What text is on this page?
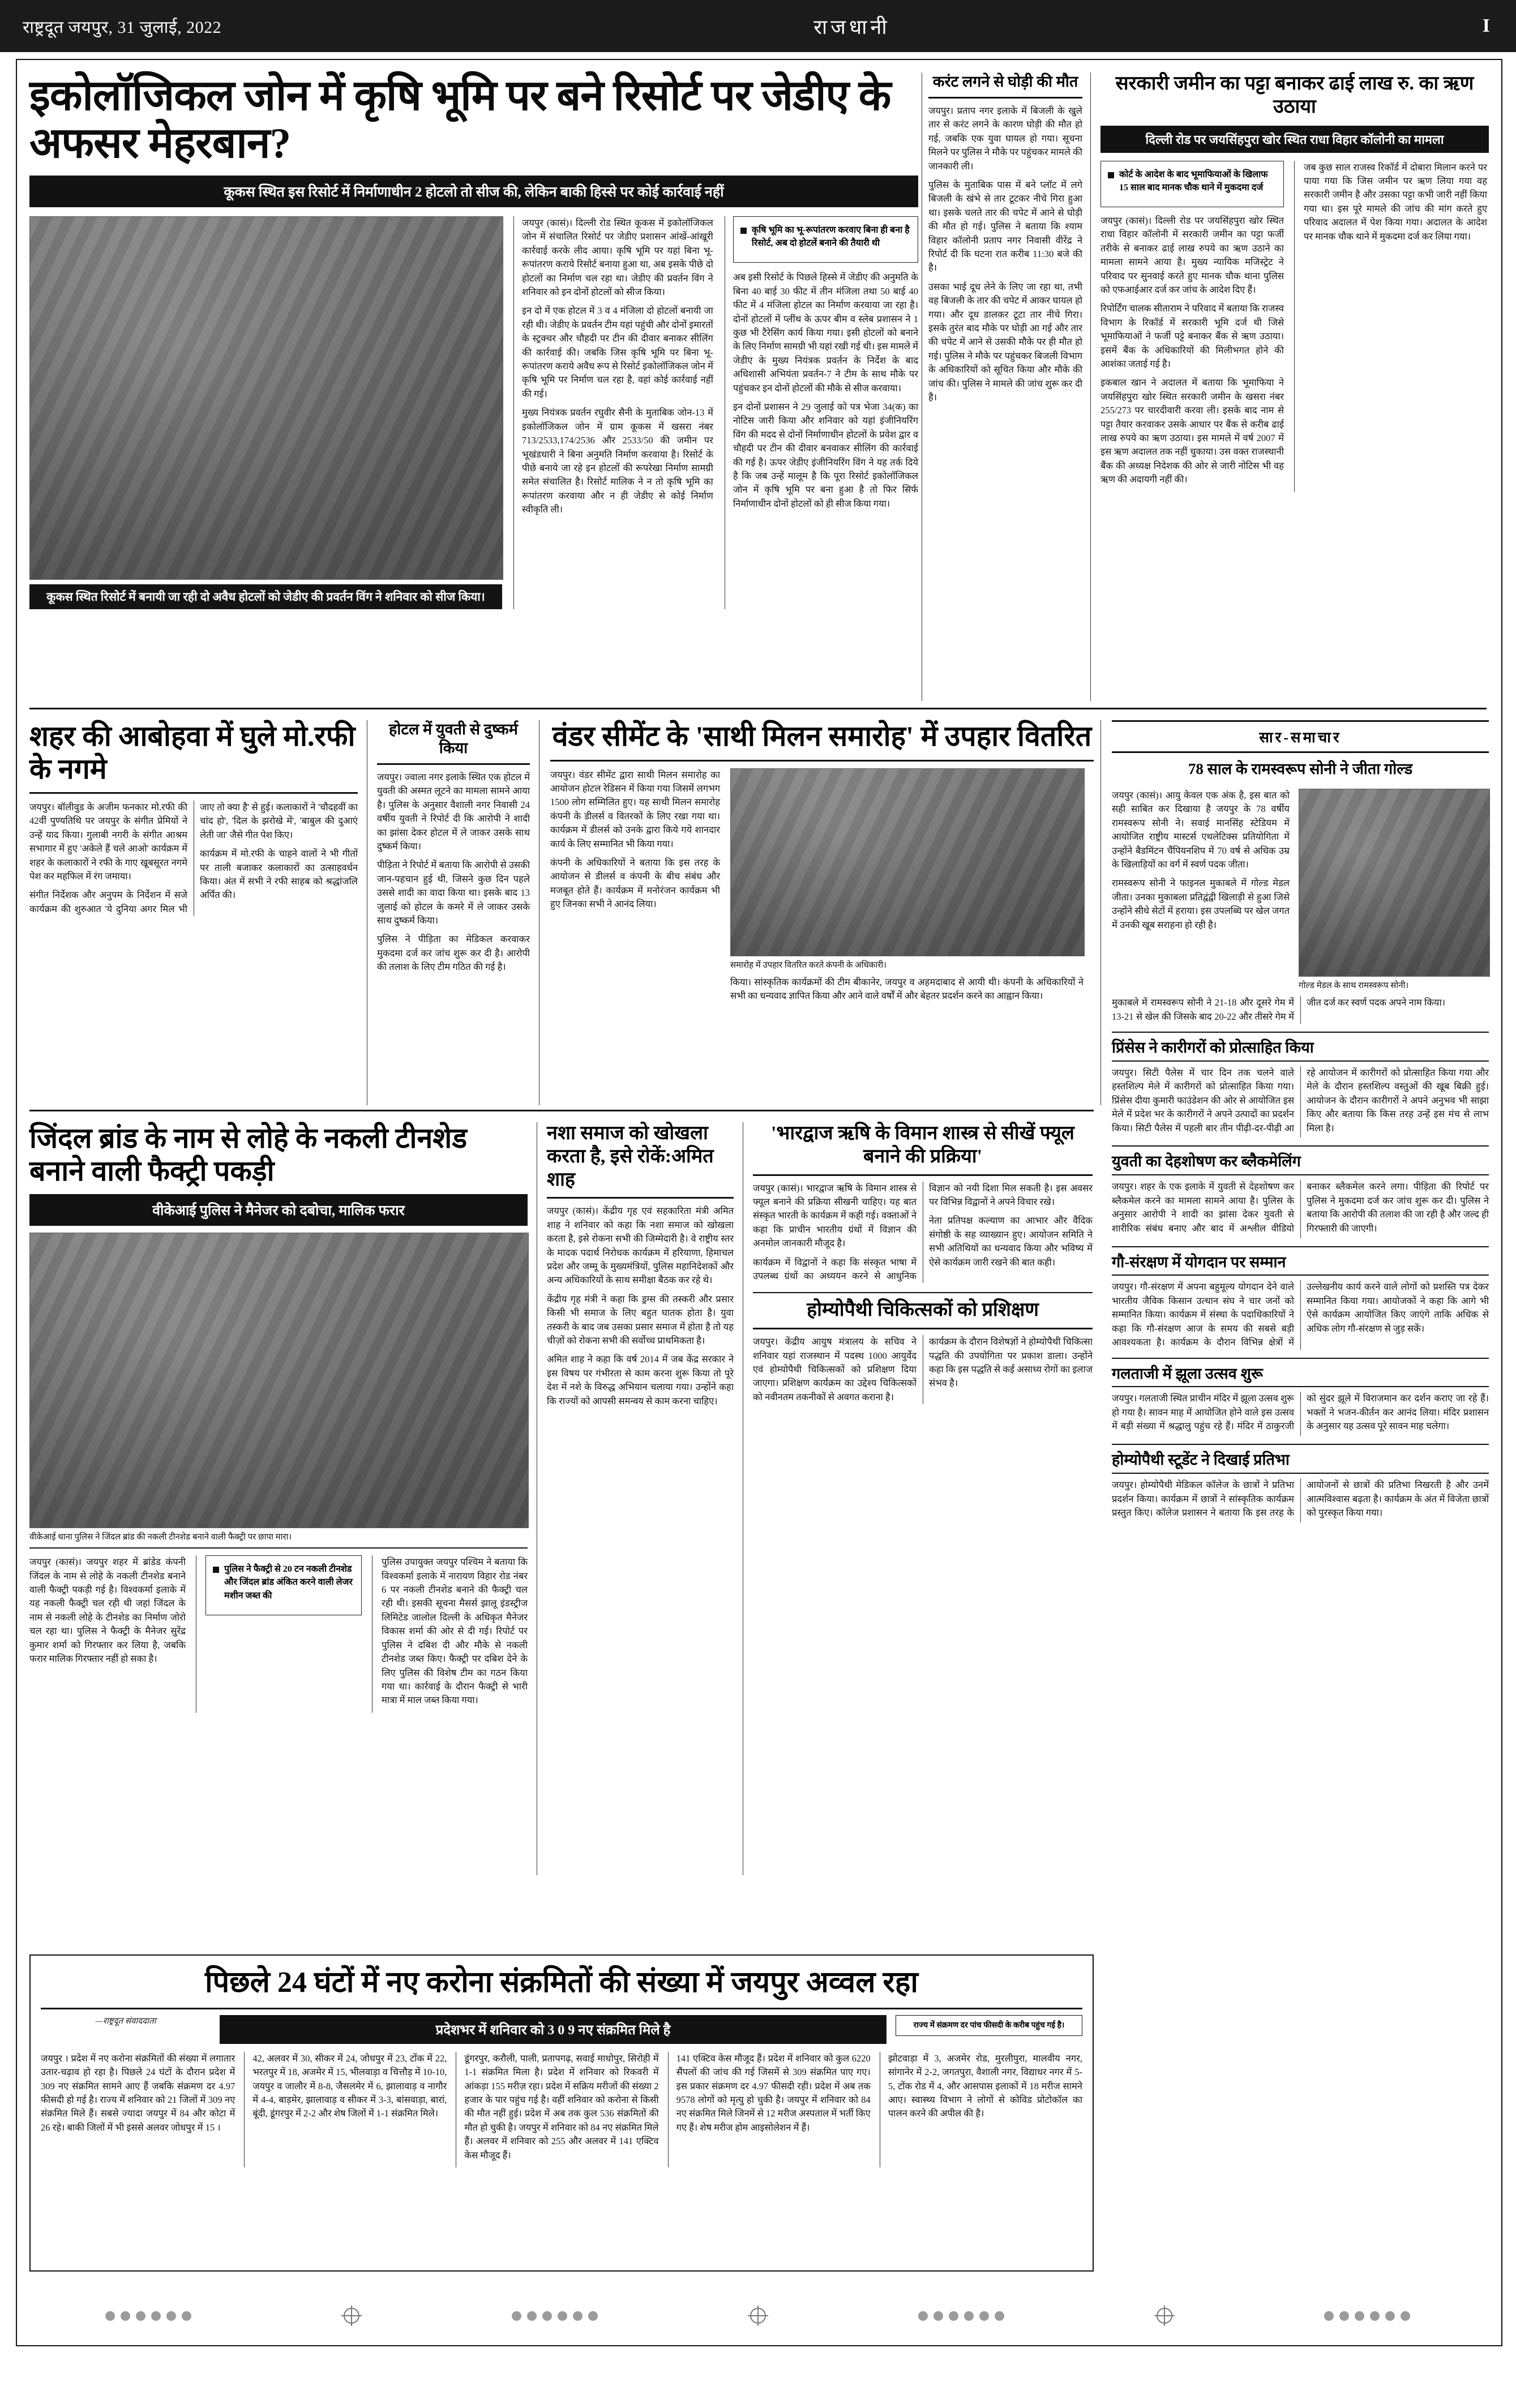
राष्ट्रदूत जयपुर, 31 जुलाई, 2022	राजधानी	I
इकोलॉजिकल जोन में कृषि भूमि पर बने रिसोर्ट पर जेडीए के अफसर मेहरबान?
कूकस स्थित इस रिसोर्ट में निर्माणाधीन 2 होटलो तो सीज की, लेकिन बाकी हिस्से पर कोई कार्रवाई नहीं
कूकस स्थित रिसोर्ट में बनायी जा रही दो अवैध होटलों को जेडीए की प्रवर्तन विंग ने शनिवार को सीज किया।

जयपुर (कासं)। दिल्ली रोड स्थित कूकस में इकोलॉजिकल जोन में संचालित रिसोर्ट पर जेडीए प्रशासन आंखें-आंखूरी कार्रवाई करके लीद आया। कृषि भूमि पर यहां बिना भू-रूपांतरण कराये रिसोर्ट बनाया हुआ था, अब इसके पीछे दो होटलों का निर्माण चल रहा था। जेडीए की प्रवर्तन विंग ने शनिवार को इन दोनों होटलों को सीज किया।

इन दो में एक होटल में 3 व 4 मंजिला दो होटलों बनायी जा रही थी। जेडीए के प्रवर्तन टीम यहां पहुंची और दोनों इमारतों के स्ट्रक्चर और चौहदी पर टीन की दीवार बनाकर सीलिंग की कार्रवाई की। जबकि जिस कृषि भूमि पर बिना भू-रूपांतरण कराये अवैध रूप से रिसोर्ट इकोलॉजिकल जोन में कृषि भूमि पर निर्माण चल रहा है, वहां कोई कार्रवाई नहीं की गई।

मुख्य नियंत्रक प्रवर्तन रघुवीर सैनी के मुताबिक जोन-13 में इकोलॉजिकल जोन में ग्राम कूकस में खसरा नंबर 713/2533,174/2536 और 2533/50 की जमीन पर भूखंडधारी ने बिना अनुमति निर्माण करवाया है। रिसोर्ट के पीछे बनाये जा रहे इन होटलों की रूपरेखा निर्माण सामग्री समेत संचालित है। रिसोर्ट मालिक ने न तो कृषि भूमि का रूपांतरण करवाया और न ही जेडीए से कोई निर्माण स्वीकृति ली।

कृषि भूमि का भू-रूपांतरण करवाए बिना ही बना है रिसोर्ट, अब दो होटलें बनाने की तैयारी थी

अब इसी रिसोर्ट के पिछले हिस्से में जेडीए की अनुमति के बिना 40 बाई 30 फीट में तीन मंजिला तथा 50 बाई 40 फीट में 4 मंजिला होटल का निर्माण करवाया जा रहा है। दोनों होटलों में प्लींथ के ऊपर बीम व स्लेब प्रशासन ने 1 कुछ भी टैरेसिंग कार्य किया गया। इसी होटलों को बनाने के लिए निर्माण सामग्री भी यहां रखी गई थी। इस मामले में जेडीए के मुख्य नियंत्रक प्रवर्तन के निर्देश के बाद अधिशासी अभियंता प्रवर्तन-7 ने टीम के साथ मौके पर पहुंचकर इन दोनों होटलों की मौके से सीज करवाया।

इन दोनों प्रशासन ने 29 जुलाई को पत्र भेजा 34(क) का नोटिस जारी किया और शनिवार को यहां इंजीनियरिंग विंग की मदद से दोनों निर्माणाधीन होटलों के प्रवेश द्वार व चौहदी पर टीन की दीवार बनवाकर सीलिंग की कार्रवाई की गई है। ऊपर जेडीए इंजीनियरिंग विंग ने यह तर्क दिये है कि जब उन्हें मालूम है कि पूरा रिसोर्ट इकोलॉजिकल जोन में कृषि भूमि पर बना हुआ है तो फिर सिर्फ निर्माणाधीन दोनों होटलों को ही सीज किया गया।

करंट लगने से घोड़ी की मौत

जयपुर। प्रताप नगर इलाके में बिजली के खुले तार से करंट लगने के कारण घोड़ी की मौत हो गई, जबकि एक युवा घायल हो गया। सूचना मिलने पर पुलिस ने मौके पर पहुंचकर मामले की जानकारी ली।

पुलिस के मुताबिक पास में बने प्लॉट में लगे बिजली के खंभे से तार टूटकर नीचे गिरा हुआ था। इसके चलते तार की चपेट में आने से घोड़ी की मौत हो गई। पुलिस ने बताया कि श्याम विहार कॉलोनी प्रताप नगर निवासी वीरेंद्र ने रिपोर्ट दी कि घटना रात करीब 11:30 बजे की है।

उसका भाई दूध लेने के लिए जा रहा था, तभी वह बिजली के तार की चपेट में आकर घायल हो गया। और दूध डालकर टूटा तार नीचे गिरा। इसके तुरंत बाद मौके पर घोड़ी आ गई और तार की चपेट में आने से उसकी मौके पर ही मौत हो गई। पुलिस ने मौके पर पहुंचकर बिजली विभाग के अधिकारियों को सूचित किया और मौके की जांच की। पुलिस ने मामले की जांच शुरू कर दी है।

सरकारी जमीन का पट्टा बनाकर ढाई लाख रु. का ऋण उठाया
दिल्ली रोड पर जयसिंहपुरा खोर स्थित राधा विहार कॉलोनी का मामला
कोर्ट के आदेश के बाद भूमाफियाओं के खिलाफ 15 साल बाद मानक चौक थाने में मुकदमा दर्ज

जयपुर (कासं)। दिल्ली रोड पर जयसिंहपुरा खोर स्थित राधा विहार कॉलोनी में सरकारी जमीन का पट्टा फर्जी तरीके से बनाकर ढाई लाख रुपये का ऋण उठाने का मामला सामने आया है। मुख्य न्यायिक मजिस्ट्रेट ने परिवाद पर सुनवाई करते हुए मानक चौक थाना पुलिस को एफआईआर दर्ज कर जांच के आदेश दिए हैं।

रिपोर्टिंग चालक सीताराम ने परिवाद में बताया कि राजस्व विभाग के रिकॉर्ड में सरकारी भूमि दर्ज थी जिसे भूमाफियाओं ने फर्जी पट्टे बनाकर बैंक से ऋण उठाया। इसमें बैंक के अधिकारियों की मिलीभगत होने की आशंका जताई गई है।

इकबाल खान ने अदालत में बताया कि भूमाफिया ने जयसिंहपुरा खोर स्थित सरकारी जमीन के खसरा नंबर 255/273 पर चारदीवारी करवा ली। इसके बाद नाम से पट्टा तैयार करवाकर उसके आधार पर बैंक से करीब ढाई लाख रुपये का ऋण उठाया। इस मामले में वर्ष 2007 में इस ऋण अदालत तक नहीं चुकाया। उस वक्त राजस्थानी बैंक की अध्यक्ष निदेशक की ओर से जारी नोटिस भी वह ऋण की अदायगी नहीं की।

जब कुछ साल राजस्व रिकॉर्ड में दोबारा मिलान करने पर पाया गया कि जिस जमीन पर ऋण लिया गया वह सरकारी जमीन है और उसका पट्टा कभी जारी नहीं किया गया था। इस पूरे मामले की जांच की मांग करते हुए परिवाद अदालत में पेश किया गया। अदालत के आदेश पर मानक चौक थाने में मुकदमा दर्ज कर लिया गया।

शहर की आबोहवा में घुले मो.रफी के नगमे

जयपुर। बॉलीवुड के अजीम फनकार मो.रफी की 42वीं पुण्यतिथि पर जयपुर के संगीत प्रेमियों ने उन्हें याद किया। गुलाबी नगरी के संगीत आश्रम सभागार में हुए 'अकेले हैं चले आओ' कार्यक्रम में शहर के कलाकारों ने रफी के गाए खूबसूरत नगमे पेश कर महफिल में रंग जमाया।

संगीत निर्देशक और अनुपम के निर्देशन में सजे कार्यक्रम की शुरुआत 'ये दुनिया अगर मिल भी जाए तो क्या है' से हुई। कलाकारों ने 'चौदहवीं का चांद हो', 'दिल के झरोखे में', 'बाबुल की दुआएं लेती जा' जैसे गीत पेश किए।

कार्यक्रम में मो.रफी के चाहने वालों ने भी गीतों पर ताली बजाकर कलाकारों का उत्साहवर्धन किया। अंत में सभी ने रफी साहब को श्रद्धांजलि अर्पित की।

होटल में युवती से दुष्कर्म किया

जयपुर। ज्वाला नगर इलाके स्थित एक होटल में युवती की अस्मत लूटने का मामला सामने आया है। पुलिस के अनुसार वैशाली नगर निवासी 24 वर्षीय युवती ने रिपोर्ट दी कि आरोपी ने शादी का झांसा देकर होटल में ले जाकर उसके साथ दुष्कर्म किया।

पीड़िता ने रिपोर्ट में बताया कि आरोपी से उसकी जान-पहचान हुई थी, जिसने कुछ दिन पहले उससे शादी का वादा किया था। इसके बाद 13 जुलाई को होटल के कमरे में ले जाकर उसके साथ दुष्कर्म किया।

पुलिस ने पीड़िता का मेडिकल करवाकर मुकदमा दर्ज कर जांच शुरू कर दी है। आरोपी की तलाश के लिए टीम गठित की गई है।

वंडर सीमेंट के 'साथी मिलन समारोह' में उपहार वितरित

जयपुर। वंडर सीमेंट द्वारा साथी मिलन समारोह का आयोजन होटल रेडिसन में किया गया जिसमें लगभग 1500 लोग सम्मिलित हुए। यह साथी मिलन समारोह कंपनी के डीलर्स व वितरकों के लिए रखा गया था। कार्यक्रम में डीलर्स को उनके द्वारा किये गये शानदार कार्य के लिए सम्मानित भी किया गया।

कंपनी के अधिकारियों ने बताया कि इस तरह के आयोजन से डीलर्स व कंपनी के बीच संबंध और मजबूत होते हैं। कार्यक्रम में मनोरंजन कार्यक्रम भी हुए जिनका सभी ने आनंद लिया।

समारोह में उपहार वितरित करते कंपनी के अधिकारी।

किया। सांस्कृतिक कार्यक्रमों की टीम बीकानेर, जयपुर व अहमदाबाद से आयी थी। कंपनी के अधिकारियों ने सभी का धन्यवाद ज्ञापित किया और आने वाले वर्षों में और बेहतर प्रदर्शन करने का आह्वान किया।

सार-समाचार
78 साल के रामस्वरूप सोनी ने जीता गोल्ड

जयपुर (कासं)। आयु केवल एक अंक है, इस बात को सही साबित कर दिखाया है जयपुर के 78 वर्षीय रामस्वरूप सोनी ने। सवाई मानसिंह स्टेडियम में आयोजित राष्ट्रीय मास्टर्स एथलेटिक्स प्रतियोगिता में उन्होंने बैडमिंटन चैंपियनशिप में 70 वर्ष से अधिक उम्र के खिलाड़ियों का वर्ग में स्वर्ण पदक जीता।

रामस्वरूप सोनी ने फाइनल मुकाबले में गोल्ड मेडल जीता। उनका मुकाबला प्रतिद्वंद्वी खिलाड़ी से हुआ जिसे उन्होंने सीधे सेटों में हराया। इस उपलब्धि पर खेल जगत में उनकी खूब सराहना हो रही है।

गोल्ड मेडल के साथ रामस्वरूप सोनी।

मुकाबले में रामस्वरूप सोनी ने 21-18 और दूसरे गेम में 13-21 से खेल की जिसके बाद 20-22 और तीसरे गेम में जीत दर्ज कर स्वर्ण पदक अपने नाम किया।

प्रिंसेस ने कारीगरों को प्रोत्साहित किया

जयपुर। सिटी पैलेस में चार दिन तक चलने वाले हस्तशिल्प मेले में कारीगरों को प्रोत्साहित किया गया। प्रिंसेस दीया कुमारी फाउंडेशन की ओर से आयोजित इस मेले में प्रदेश भर के कारीगरों ने अपने उत्पादों का प्रदर्शन किया। सिटी पैलेस में पहली बार तीन पीढ़ी-दर-पीढ़ी आ रहे आयोजन में कारीगरों को प्रोत्साहित किया गया और मेले के दौरान हस्तशिल्प वस्तुओं की खूब बिक्री हुई। आयोजन के दौरान कारीगरों ने अपने अनुभव भी साझा किए और बताया कि किस तरह उन्हें इस मंच से लाभ मिला है।

युवती का देहशोषण कर ब्लैकमेलिंग

जयपुर। शहर के एक इलाके में युवती से देहशोषण कर ब्लैकमेल करने का मामला सामने आया है। पुलिस के अनुसार आरोपी ने शादी का झांसा देकर युवती से शारीरिक संबंध बनाए और बाद में अश्लील वीडियो बनाकर ब्लैकमेल करने लगा। पीड़िता की रिपोर्ट पर पुलिस ने मुकदमा दर्ज कर जांच शुरू कर दी। पुलिस ने बताया कि आरोपी की तलाश की जा रही है और जल्द ही गिरफ्तारी की जाएगी।

गौ-संरक्षण में योगदान पर सम्मान

जयपुर। गौ-संरक्षण में अपना बहुमूल्य योगदान देने वाले भारतीय जैविक किसान उत्थान संघ ने चार जनों को सम्मानित किया। कार्यक्रम में संस्था के पदाधिकारियों ने कहा कि गौ-संरक्षण आज के समय की सबसे बड़ी आवश्यकता है। कार्यक्रम के दौरान विभिन्न क्षेत्रों में उल्लेखनीय कार्य करने वाले लोगों को प्रशस्ति पत्र देकर सम्मानित किया गया। आयोजकों ने कहा कि आगे भी ऐसे कार्यक्रम आयोजित किए जाएंगे ताकि अधिक से अधिक लोग गौ-संरक्षण से जुड़ सकें।

गलताजी में झूला उत्सव शुरू

जयपुर। गलताजी स्थित प्राचीन मंदिर में झूला उत्सव शुरू हो गया है। सावन माह में आयोजित होने वाले इस उत्सव में बड़ी संख्या में श्रद्धालु पहुंच रहे हैं। मंदिर में ठाकुरजी को सुंदर झूले में विराजमान कर दर्शन कराए जा रहे हैं। भक्तों ने भजन-कीर्तन कर आनंद लिया। मंदिर प्रशासन के अनुसार यह उत्सव पूरे सावन माह चलेगा।

होम्योपैथी स्टूडेंट ने दिखाई प्रतिभा

जयपुर। होम्योपैथी मेडिकल कॉलेज के छात्रों ने प्रतिभा प्रदर्शन किया। कार्यक्रम में छात्रों ने सांस्कृतिक कार्यक्रम प्रस्तुत किए। कॉलेज प्रशासन ने बताया कि इस तरह के आयोजनों से छात्रों की प्रतिभा निखरती है और उनमें आत्मविश्वास बढ़ता है। कार्यक्रम के अंत में विजेता छात्रों को पुरस्कृत किया गया।

जिंदल ब्रांड के नाम से लोहे के नकली टीनशेड बनाने वाली फैक्ट्री पकड़ी
वीकेआई पुलिस ने मैनेजर को दबोचा, मालिक फरार
वीकेआई थाना पुलिस ने जिंदल ब्रांड की नकली टीनशेड बनाने वाली फैक्ट्री पर छापा मारा।

जयपुर (कासं)। जयपुर शहर में ब्रांडेड कंपनी जिंदल के नाम से लोहे के नकली टीनशेड बनाने वाली फैक्ट्री पकड़ी गई है। विश्वकर्मा इलाके में यह नकली फैक्ट्री चल रही थी जहां जिंदल के नाम से नकली लोहे के टीनशेड का निर्माण जोरो चल रहा था। पुलिस ने फैक्ट्री के मैनेजर सुरेंद्र कुमार शर्मा को गिरफ्तार कर लिया है, जबकि फरार मालिक गिरफ्तार नहीं हो सका है।

पुलिस ने फैक्ट्री से 20 टन नकली टीनशेड और जिंदल ब्रांड अंकित करने वाली लेजर मशीन जब्त की

पुलिस उपायुक्त जयपुर पश्चिम ने बताया कि विश्वकर्मा इलाके में नारायण विहार रोड नंबर 6 पर नकली टीनशेड बनाने की फैक्ट्री चल रही थी। इसकी सूचना मैसर्स झालू इंडस्ट्रीज लिमिटेड जालोल दिल्ली के अधिकृत मैनेजर विकास शर्मा की ओर से दी गई। रिपोर्ट पर पुलिस ने दबिश दी और मौके से नकली टीनशेड जब्त किए। फैक्ट्री पर दबिश देने के लिए पुलिस की विशेष टीम का गठन किया गया था। कार्रवाई के दौरान फैक्ट्री से भारी मात्रा में माल जब्त किया गया।

नशा समाज को खोखला करता है, इसे रोकें:अमित शाह

जयपुर (कासं)। केंद्रीय गृह एवं सहकारिता मंत्री अमित शाह ने शनिवार को कहा कि नशा समाज को खोखला करता है, इसे रोकना सभी की जिम्मेदारी है। वे राष्ट्रीय स्तर के मादक पदार्थ निरोधक कार्यक्रम में हरियाणा, हिमाचल प्रदेश और जम्मू के मुख्यमंत्रियों, पुलिस महानिदेशकों और अन्य अधिकारियों के साथ समीक्षा बैठक कर रहे थे।

केंद्रीय गृह मंत्री ने कहा कि ड्रग्स की तस्करी और प्रसार किसी भी समाज के लिए बहुत घातक होता है। युवा तस्करी के बाद जब उसका प्रसार समाज में होता है तो यह चीज़ों को रोकना सभी की सर्वोच्च प्राथमिकता है।

अमित शाह ने कहा कि वर्ष 2014 में जब केंद्र सरकार ने इस विषय पर गंभीरता से काम करना शुरू किया तो पूरे देश में नशे के विरुद्ध अभियान चलाया गया। उन्होंने कहा कि राज्यों को आपसी समन्वय से काम करना चाहिए।

'भारद्वाज ऋषि के विमान शास्त्र से सीखें फ्यूल बनाने की प्रक्रिया'

जयपुर (कासं)। भारद्वाज ऋषि के विमान शास्त्र से फ्यूल बनाने की प्रक्रिया सीखनी चाहिए। यह बात संस्कृत भारती के कार्यक्रम में कही गई। वक्ताओं ने कहा कि प्राचीन भारतीय ग्रंथों में विज्ञान की अनमोल जानकारी मौजूद है।

कार्यक्रम में विद्वानों ने कहा कि संस्कृत भाषा में उपलब्ध ग्रंथों का अध्ययन करने से आधुनिक विज्ञान को नयी दिशा मिल सकती है। इस अवसर पर विभिन्न विद्वानों ने अपने विचार रखे।

नेता प्रतिपक्ष कल्याण का आभार और वैदिक संगोष्ठी के सह व्याख्यान हुए। आयोजन समिति ने सभी अतिथियों का धन्यवाद किया और भविष्य में ऐसे कार्यक्रम जारी रखने की बात कही।

होम्योपैथी चिकित्सकों को प्रशिक्षण

जयपुर। केंद्रीय आयुष मंत्रालय के सचिव ने शनिवार यहां राजस्थान में पदस्थ 1000 आयुर्वेद एवं होम्योपैथी चिकित्सकों को प्रशिक्षण दिया जाएगा। प्रशिक्षण कार्यक्रम का उद्देश्य चिकित्सकों को नवीनतम तकनीकों से अवगत कराना है।

कार्यक्रम के दौरान विशेषज्ञों ने होम्योपैथी चिकित्सा पद्धति की उपयोगिता पर प्रकाश डाला। उन्होंने कहा कि इस पद्धति से कई असाध्य रोगों का इलाज संभव है।

पिछले 24 घंटों में नए करोना संक्रमितों की संख्या में जयपुर अव्वल रहा
—राष्ट्रदूत संवाददाता
प्रदेशभर में शनिवार को 3 0 9 नए संक्रमित मिले है	राज्य में संक्रमण दर पांच फीसदी के करीब पहुंच गई है।

जयपुर । प्रदेश में नए करोना संक्रमितों की संख्या में लगातार उतार-चढ़ाव हो रहा है। पिछले 24 घंटों के दौरान प्रदेश में 309 नए संक्रमित सामने आए हैं जबकि संक्रमण दर 4.97 फीसदी हो गई है। राज्य में शनिवार को 21 जिलों में 309 नए संक्रमित मिले हैं। सबसे ज्यादा जयपुर में 84 और कोटा में 26 रहे। बाकी जिलों में भी इससे अलवर जोधपुर में 15 ।

42, अलवर में 30, सीकर में 24, जोधपुर में 23, टोंक में 22, भरतपुर में 18, अजमेर में 15, भीलवाड़ा व चित्तौड़ में 10-10, जयपुर व जालौर में 8-8, जैसलमेर में 6, झालावाड़ व नागौर में 4-4, बाड़मेर, झालावाड़ व सीकर में 3-3, बांसवाड़ा, बारां, बूंदी, डूंगरपुर में 2-2 और शेष जिलों में 1-1 संक्रमित मिले।

डूंगरपुर, करौली, पाली, प्रतापगढ़, सवाई माधोपुर, सिरोही में 1-1 संक्रमित मिला है। प्रदेश में शनिवार को रिकवरी में आंकड़ा 155 मरीज़ रहा। प्रदेश में सक्रिय मरीजों की संख्या 2 हजार के पार पहुंच गई है। वहीं शनिवार को करोना से किसी की मौत नहीं हुई। प्रदेश में अब तक कुल 536 संक्रमितों की मौत हो चुकी है। जयपुर में शनिवार को 84 नए संक्रमित मिले हैं। अलवर में शनिवार को 255 और अलवर में 141 एक्टिव केस मौजूद हैं।

141 एक्टिव केस मौजूद हैं। प्रदेश में शनिवार को कुल 6220 सैंपलों की जांच की गई जिसमें से 309 संक्रमित पाए गए। इस प्रकार संक्रमण दर 4.97 फीसदी रही। प्रदेश में अब तक 9578 लोगों को मृत्यु हो चुकी है। जयपुर में शनिवार को 84 नए संक्रमित मिले जिनमें से 12 मरीज अस्पताल में भर्ती किए गए हैं। शेष मरीज होम आइसोलेशन में हैं।

झोटवाड़ा में 3, अजमेर रोड, मुरलीपुरा, मालवीय नगर, सांगानेर में 2-2, जगतपुरा, वैशाली नगर, विद्याधर नगर में 5-5, टोंक रोड में 4, और आसपास इलाकों में 18 मरीज सामने आए। स्वास्थ्य विभाग ने लोगों से कोविड प्रोटोकॉल का पालन करने की अपील की है।
